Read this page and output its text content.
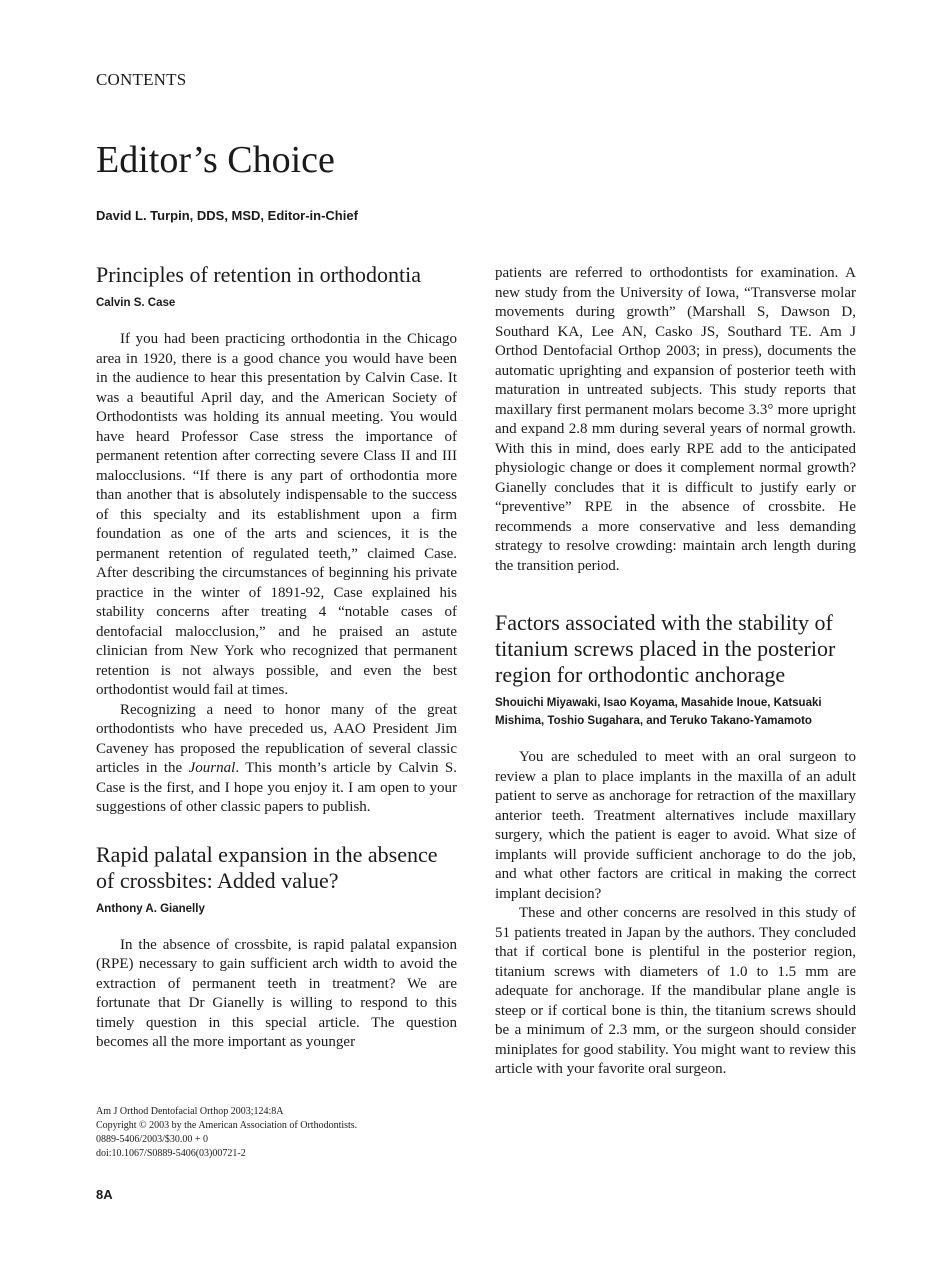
CONTENTS
Editor’s Choice
David L. Turpin, DDS, MSD, Editor-in-Chief
Principles of retention in orthodontia
Calvin S. Case

If you had been practicing orthodontia in the Chicago area in 1920, there is a good chance you would have been in the audience to hear this presentation by Calvin Case. It was a beautiful April day, and the American Society of Orthodontists was holding its annual meeting. You would have heard Professor Case stress the importance of permanent retention after correcting severe Class II and III malocclusions. “If there is any part of orthodontia more than another that is absolutely indispensable to the success of this specialty and its establishment upon a firm foundation as one of the arts and sciences, it is the permanent retention of regulated teeth,” claimed Case. After describing the circumstances of beginning his private practice in the winter of 1891-92, Case explained his stability concerns after treating 4 “notable cases of dentofacial malocclusion,” and he praised an astute clinician from New York who recognized that permanent retention is not always possible, and even the best orthodontist would fail at times.

Recognizing a need to honor many of the great orthodontists who have preceded us, AAO President Jim Caveney has proposed the republication of several classic articles in the Journal. This month’s article by Calvin S. Case is the first, and I hope you enjoy it. I am open to your suggestions of other classic papers to publish.

Rapid palatal expansion in the absence of crossbites: Added value?
Anthony A. Gianelly

In the absence of crossbite, is rapid palatal expansion (RPE) necessary to gain sufficient arch width to avoid the extraction of permanent teeth in treatment? We are fortunate that Dr Gianelly is willing to respond to this timely question in this special article. The question becomes all the more important as younger

patients are referred to orthodontists for examination. A new study from the University of Iowa, “Transverse molar movements during growth” (Marshall S, Dawson D, Southard KA, Lee AN, Casko JS, Southard TE. Am J Orthod Dentofacial Orthop 2003; in press), documents the automatic uprighting and expansion of posterior teeth with maturation in untreated subjects. This study reports that maxillary first permanent molars become 3.3° more upright and expand 2.8 mm during several years of normal growth. With this in mind, does early RPE add to the anticipated physiologic change or does it complement normal growth? Gianelly concludes that it is difficult to justify early or “preventive” RPE in the absence of crossbite. He recommends a more conservative and less demanding strategy to resolve crowding: maintain arch length during the transition period.

Factors associated with the stability of titanium screws placed in the posterior region for orthodontic anchorage
Shouichi Miyawaki, Isao Koyama, Masahide Inoue, Katsuaki Mishima, Toshio Sugahara, and Teruko Takano-Yamamoto

You are scheduled to meet with an oral surgeon to review a plan to place implants in the maxilla of an adult patient to serve as anchorage for retraction of the maxillary anterior teeth. Treatment alternatives include maxillary surgery, which the patient is eager to avoid. What size of implants will provide sufficient anchorage to do the job, and what other factors are critical in making the correct implant decision?

These and other concerns are resolved in this study of 51 patients treated in Japan by the authors. They concluded that if cortical bone is plentiful in the posterior region, titanium screws with diameters of 1.0 to 1.5 mm are adequate for anchorage. If the mandibular plane angle is steep or if cortical bone is thin, the titanium screws should be a minimum of 2.3 mm, or the surgeon should consider miniplates for good stability. You might want to review this article with your favorite oral surgeon.

Am J Orthod Dentofacial Orthop 2003;124:8A
Copyright © 2003 by the American Association of Orthodontists.
0889-5406/2003/$30.00 + 0
doi:10.1067/S0889-5406(03)00721-2
8A
